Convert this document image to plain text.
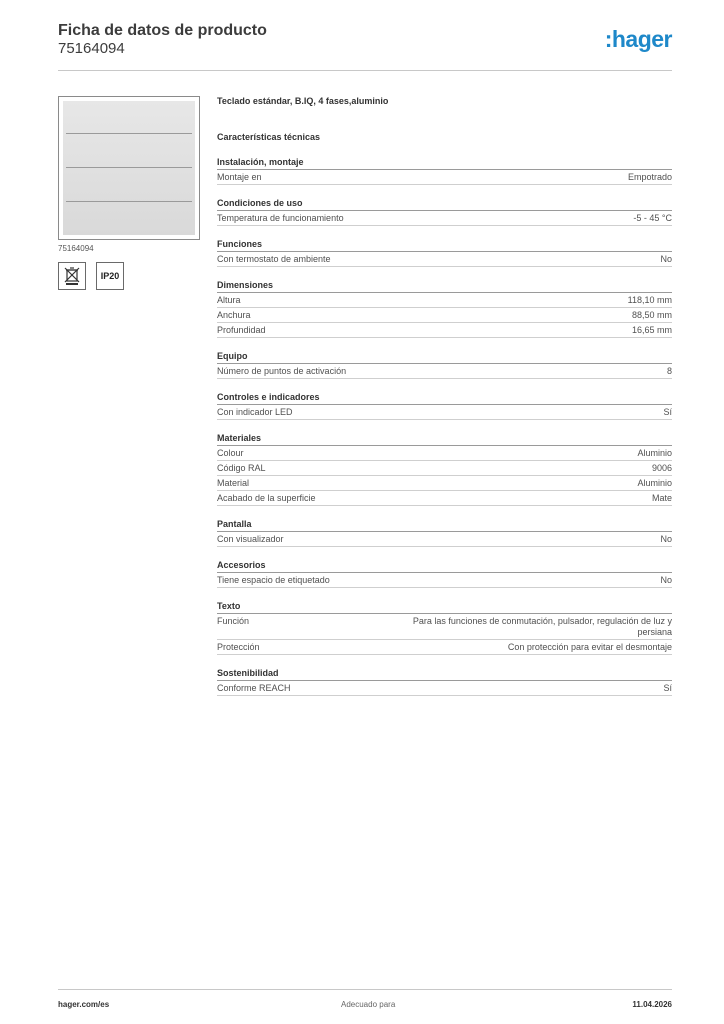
Ficha de datos de producto
75164094	:hager
75164094
IP20
Teclado estándar, B.IQ, 4 fases,aluminio
Características técnicas
Instalación, montaje
Montaje en	Empotrado
Condiciones de uso
Temperatura de funcionamiento	-5 - 45 °C
Funciones
Con termostato de ambiente	No
Dimensiones
Altura	118,10 mm
Anchura	88,50 mm
Profundidad	16,65 mm
Equipo
Número de puntos de activación	8
Controles e indicadores
Con indicador LED	Sí
Materiales
Colour	Aluminio
Código RAL	9006
Material	Aluminio
Acabado de la superficie	Mate
Pantalla
Con visualizador	No
Accesorios
Tiene espacio de etiquetado	No
Texto
Función	Para las funciones de conmutación, pulsador, regulación de luz y persiana
Protección	Con protección para evitar el desmontaje
Sostenibilidad
Conforme REACH	Sí
hager.com/es	Adecuado para	11.04.2026
